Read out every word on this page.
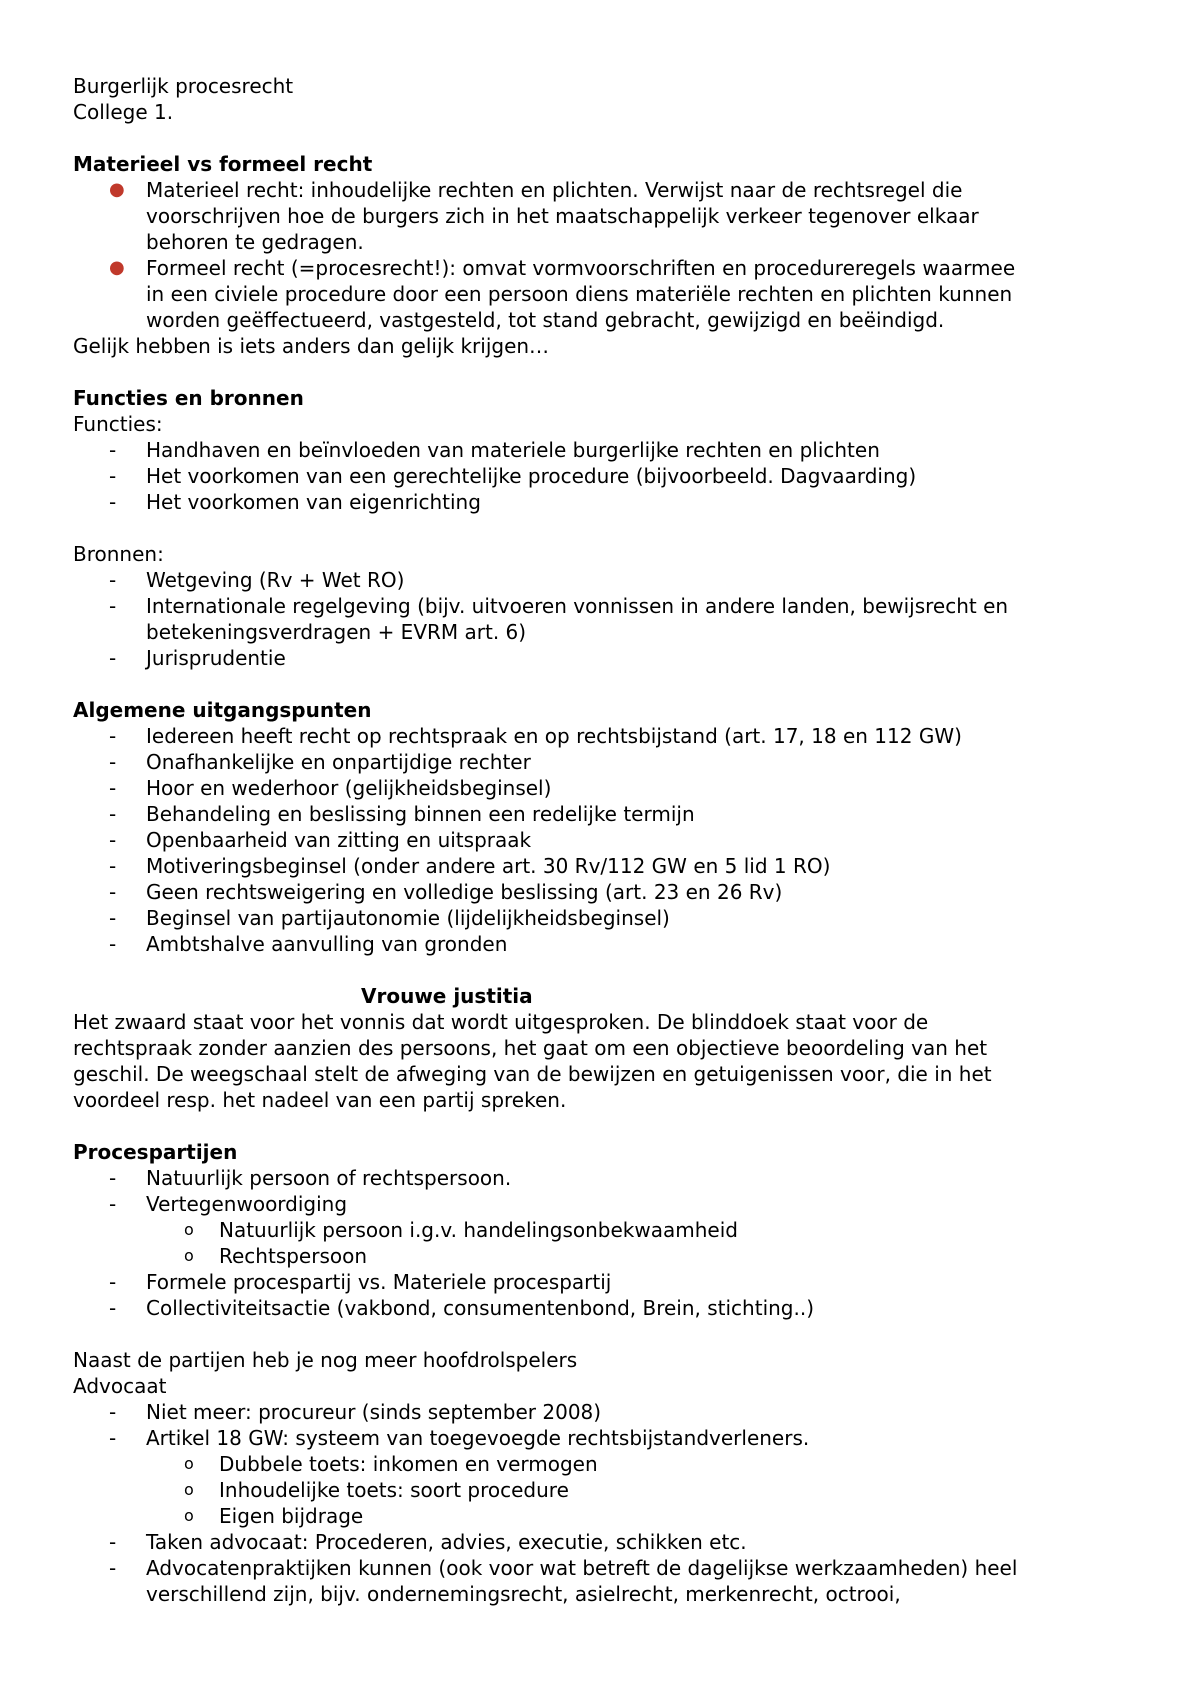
Burgerlijk procesrecht

College 1.

Materieel vs formeel recht

● Materieel recht: inhoudelijke rechten en plichten. Verwijst naar de rechtsregel die
voorschrijven hoe de burgers zich in het maatschappelijk verkeer tegenover elkaar
behoren te gedragen.
● Formeel recht (=procesrecht!): omvat vormvoorschriften en procedureregels waarmee
in een civiele procedure door een persoon diens materiële rechten en plichten kunnen
worden geëffectueerd, vastgesteld, tot stand gebracht, gewijzigd en beëindigd.

Gelijk hebben is iets anders dan gelijk krijgen…

Functies en bronnen

Functies:

-	Handhaven en beïnvloeden van materiele burgerlijke rechten en plichten
-	Het voorkomen van een gerechtelijke procedure (bijvoorbeeld. Dagvaarding)
-	Het voorkomen van eigenrichting

Bronnen:

-	Wetgeving (Rv + Wet RO)
-	Internationale regelgeving (bijv. uitvoeren vonnissen in andere landen, bewijsrecht en
betekeningsverdragen + EVRM art. 6)
-	Jurisprudentie

Algemene uitgangspunten

-	Iedereen heeft recht op rechtspraak en op rechtsbijstand (art. 17, 18 en 112 GW)
-	Onafhankelijke en onpartijdige rechter
-	Hoor en wederhoor (gelijkheidsbeginsel)
-	Behandeling en beslissing binnen een redelijke termijn
-	Openbaarheid van zitting en uitspraak
-	Motiveringsbeginsel (onder andere art. 30 Rv/112 GW en 5 lid 1 RO)
-	Geen rechtsweigering en volledige beslissing (art. 23 en 26 Rv)
-	Beginsel van partijautonomie (lijdelijkheidsbeginsel)
-	Ambtshalve aanvulling van gronden

Vrouwe justitia

Het zwaard staat voor het vonnis dat wordt uitgesproken. De blinddoek staat voor de

rechtspraak zonder aanzien des persoons, het gaat om een objectieve beoordeling van het

geschil. De weegschaal stelt de afweging van de bewijzen en getuigenissen voor, die in het

voordeel resp. het nadeel van een partij spreken.

Procespartijen

-	Natuurlijk persoon of rechtspersoon.
-	Vertegenwoordiging
o	Natuurlijk persoon i.g.v. handelingsonbekwaamheid
o	Rechtspersoon
-	Formele procespartij vs. Materiele procespartij
-	Collectiviteitsactie (vakbond, consumentenbond, Brein, stichting..)

Naast de partijen heb je nog meer hoofdrolspelers

Advocaat

-	Niet meer: procureur (sinds september 2008)
-	Artikel 18 GW: systeem van toegevoegde rechtsbijstandverleners.
o	Dubbele toets: inkomen en vermogen
o	Inhoudelijke toets: soort procedure
o	Eigen bijdrage
-	Taken advocaat: Procederen, advies, executie, schikken etc.
-	Advocatenpraktijken kunnen (ook voor wat betreft de dagelijkse werkzaamheden) heel
verschillend zijn, bijv. ondernemingsrecht, asielrecht, merkenrecht, octrooi,
